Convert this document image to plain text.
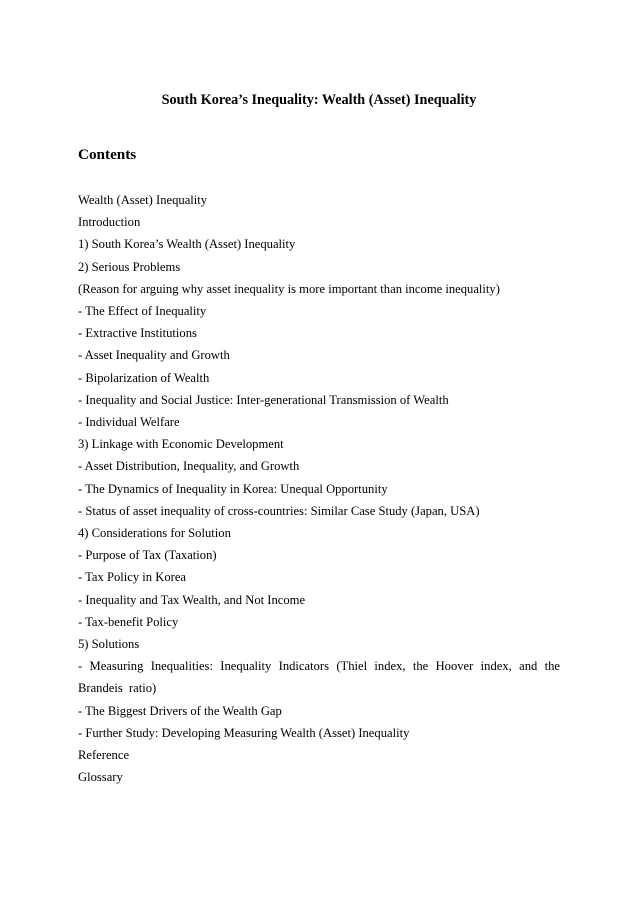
South Korea’s Inequality: Wealth (Asset) Inequality
Contents
Wealth (Asset) Inequality
Introduction
1) South Korea’s Wealth (Asset) Inequality
2) Serious Problems
(Reason for arguing why asset inequality is more important than income inequality)
- The Effect of Inequality
- Extractive Institutions
- Asset Inequality and Growth
- Bipolarization of Wealth
- Inequality and Social Justice: Inter-generational Transmission of Wealth
- Individual Welfare
3) Linkage with Economic Development
- Asset Distribution, Inequality, and Growth
- The Dynamics of Inequality in Korea: Unequal Opportunity
- Status of asset inequality of cross-countries: Similar Case Study (Japan, USA)
4) Considerations for Solution
- Purpose of Tax (Taxation)
- Tax Policy in Korea
- Inequality and Tax Wealth, and Not Income
- Tax-benefit Policy
5) Solutions
- Measuring Inequalities: Inequality Indicators (Thiel index, the Hoover index, and the Brandeis ratio)
- The Biggest Drivers of the Wealth Gap
- Further Study: Developing Measuring Wealth (Asset) Inequality
Reference
Glossary
